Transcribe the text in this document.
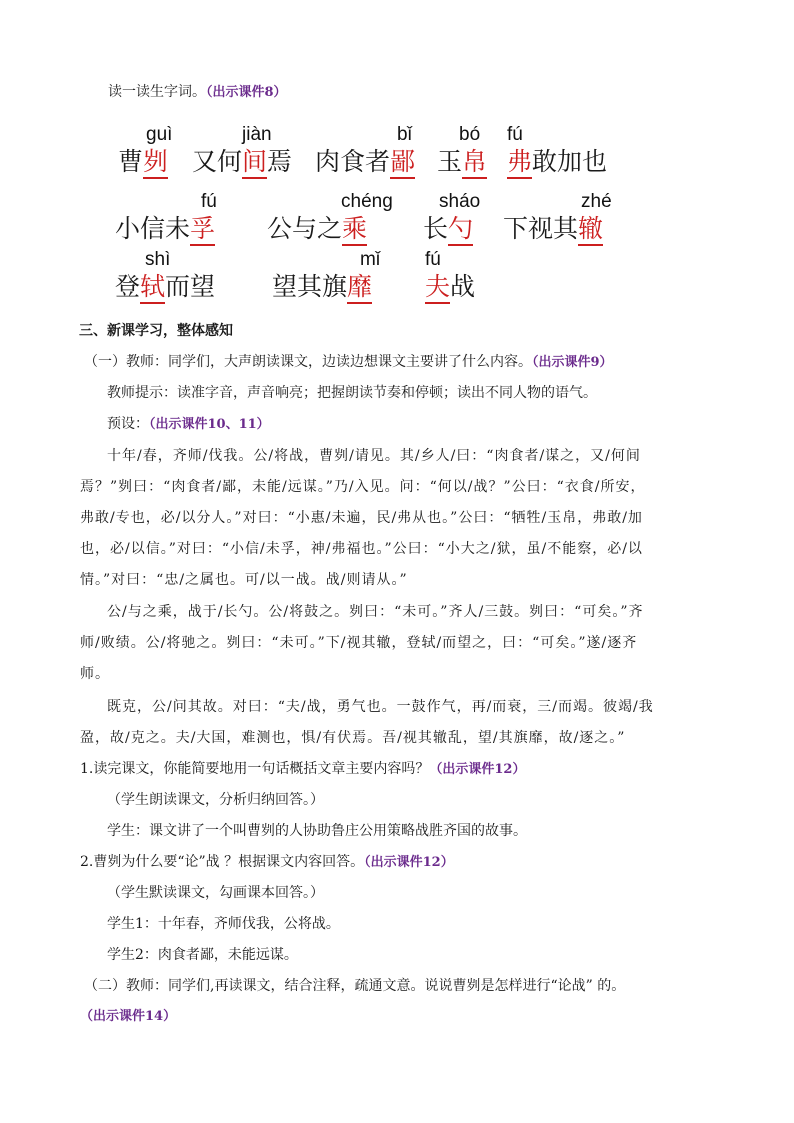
读一读生字词。（出示课件8）
曹刿
guì
又何间焉
jiàn
肉食者鄙
bǐ
玉帛
bó
弗敢加也
fú
小信未孚
fú
公与之乘
chéng
长勺
sháo
下视其辙
zhé
登轼而望
shì
望其旗靡
mǐ
夫战
fú
三、新课学习，整体感知
（一）教师：同学们，大声朗读课文，边读边想课文主要讲了什么内容。（出示课件9）
教师提示：读准字音，声音响亮；把握朗读节奏和停顿；读出不同人物的语气。
预设：（出示课件10、11）
十年/春，齐师/伐我。公/将战，曹刿/请见。其/乡人/曰：“肉食者/谋之，又/何间
焉？”刿曰：“肉食者/鄙，未能/远谋。”乃/入见。问：“何以/战？”公曰：“衣食/所安，
弗敢/专也，必/以分人。”对曰：“小惠/未遍，民/弗从也。”公曰：“牺牲/玉帛，弗敢/加
也，必/以信。”对曰：“小信/未孚，神/弗福也。”公曰：“小大之/狱，虽/不能察，必/以
情。”对曰：“忠/之属也。可/以一战。战/则请从。”
公/与之乘，战于/长勺。公/将鼓之。刿曰：“未可。”齐人/三鼓。刿曰：“可矣。”齐
师/败绩。公/将驰之。刿曰：“未可。”下/视其辙，登轼/而望之，曰：“可矣。”遂/逐齐
师。
既克，公/问其故。对曰：“夫/战，勇气也。一鼓作气，再/而衰，三/而竭。彼竭/我
盈，故/克之。夫/大国，难测也，惧/有伏焉。吾/视其辙乱，望/其旗靡，故/逐之。”
1.读完课文，你能简要地用一句话概括文章主要内容吗？（出示课件12）
（学生朗读课文，分析归纳回答。）
学生：课文讲了一个叫曹刿的人协助鲁庄公用策略战胜齐国的故事。
2.曹刿为什么要“论”战 ？根据课文内容回答。（出示课件12）
（学生默读课文，勾画课本回答。）
学生1：十年春，齐师伐我，公将战。
学生2：肉食者鄙，未能远谋。
（二）教师：同学们,再读课文，结合注释，疏通文意。说说曹刿是怎样进行“论战” 的。
（出示课件14）
